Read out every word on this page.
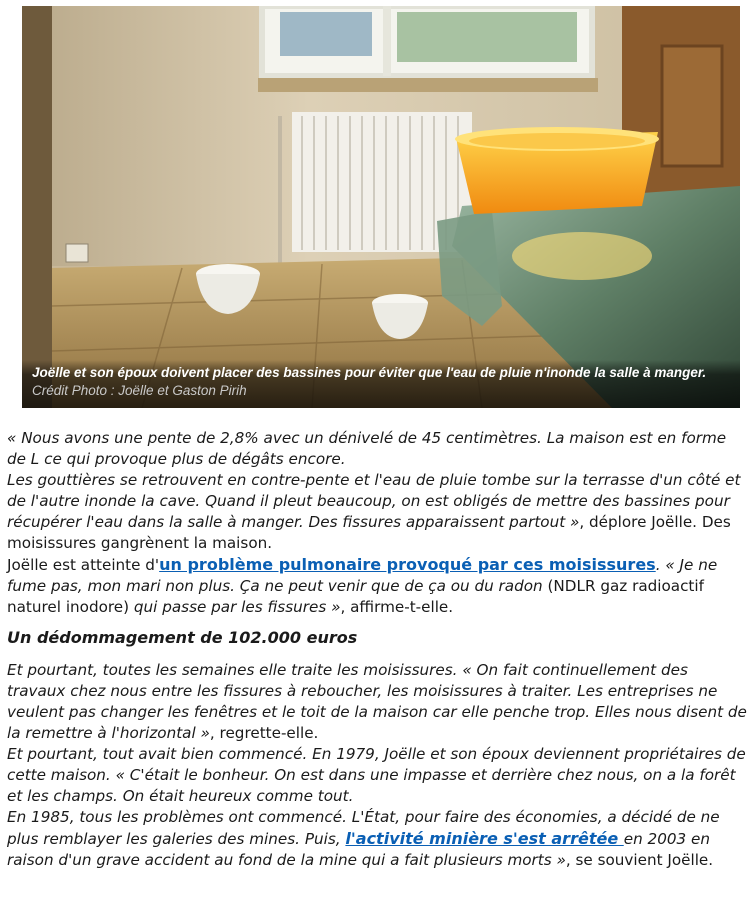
Joëlle et son époux doivent placer des bassines pour éviter que l'eau de pluie n'inonde la salle à manger. Crédit Photo : Joëlle et Gaston Pirih

« Nous avons une pente de 2,8% avec un dénivelé de 45 centimètres. La maison est en forme de L ce qui provoque plus de dégâts encore.

Les gouttières se retrouvent en contre-pente et l'eau de pluie tombe sur la terrasse d'un côté et de l'autre inonde la cave. Quand il pleut beaucoup, on est obligés de mettre des bassines pour récupérer l'eau dans la salle à manger. Des fissures apparaissent partout », déplore Joëlle. Des moisissures gangrènent la maison.

Joëlle est atteinte d'un problème pulmonaire provoqué par ces moisissures. « Je ne fume pas, mon mari non plus. Ça ne peut venir que de ça ou du radon (NDLR gaz radioactif naturel inodore) qui passe par les fissures », affirme-t-elle.

Un dédommagement de 102.000 euros

Et pourtant, toutes les semaines elle traite les moisissures. « On fait continuellement des travaux chez nous entre les fissures à reboucher, les moisissures à traiter. Les entreprises ne veulent pas changer les fenêtres et le toit de la maison car elle penche trop. Elles nous disent de la remettre à l'horizontal », regrette-elle.

Et pourtant, tout avait bien commencé. En 1979, Joëlle et son époux deviennent propriétaires de cette maison. « C'était le bonheur. On est dans une impasse et derrière chez nous, on a la forêt et les champs. On était heureux comme tout.

En 1985, tous les problèmes ont commencé. L'État, pour faire des économies, a décidé de ne plus remblayer les galeries des mines. Puis, l'activité minière s'est arrêtée en 2003 en raison d'un grave accident au fond de la mine qui a fait plusieurs morts », se souvient Joëlle.
